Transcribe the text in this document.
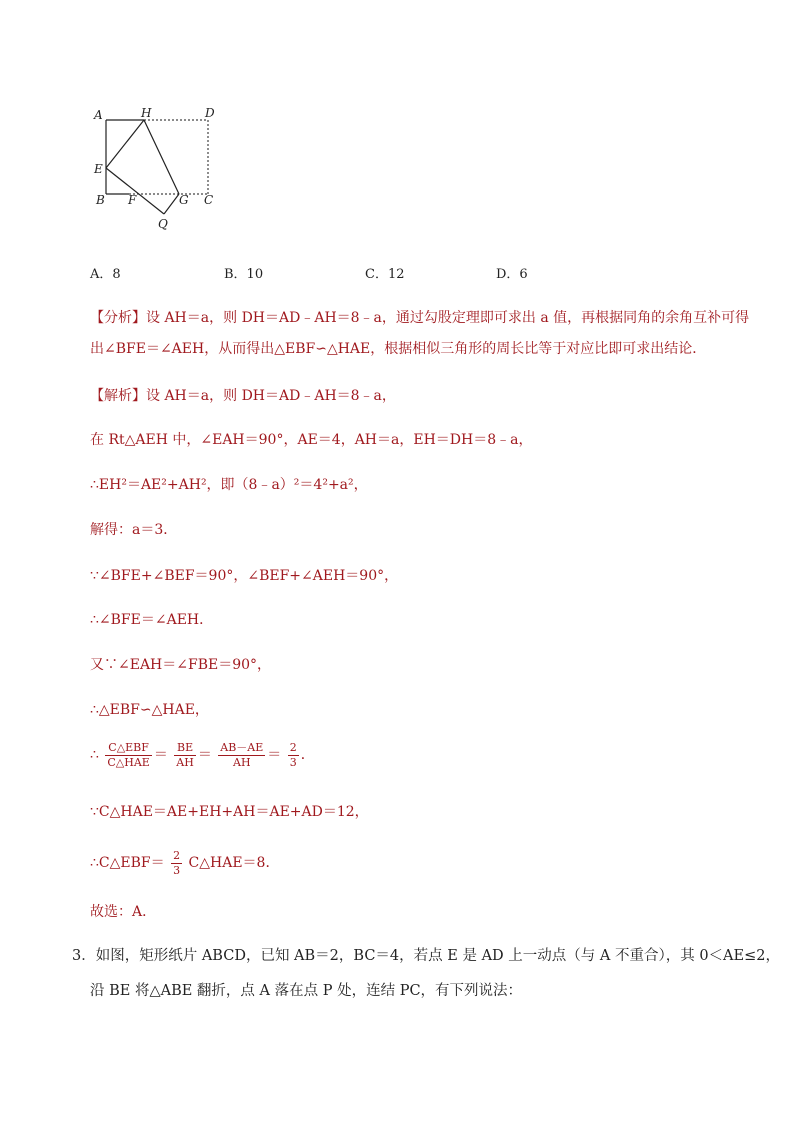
A	H	D
E
B F	G C
Q
A．8	B．10	C．12	D．6
【分析】设 AH＝a，则 DH＝AD﹣AH＝8﹣a，通过勾股定理即可求出 a 值，再根据同角的余角互补可得
出∠BFE＝∠AEH，从而得出△EBF∽△HAE，根据相似三角形的周长比等于对应比即可求出结论．
【解析】设 AH＝a，则 DH＝AD﹣AH＝8﹣a，
在 Rt△AEH 中，∠EAH＝90°，AE＝4，AH＝a，EH＝DH＝8﹣a，
∴EH²＝AE²+AH²，即（8﹣a）²＝4²+a²，
解得：a＝3．
∵∠BFE+∠BEF＝90°，∠BEF+∠AEH＝90°，
∴∠BFE＝∠AEH．
又∵∠EAH＝∠FBE＝90°，
∴△EBF∽△HAE，
∴ $\frac{\text{C△EBF}}{\text{C△HAE}} = \frac{BE}{AH} = \frac{AB-AE}{AH} = \frac{2}{3}$ ．
∵C△HAE＝AE+EH+AH＝AE+AD＝12，
∴C△EBF＝ $\frac{2}{3}$ C△HAE＝8．
故选：A．
3．如图，矩形纸片 ABCD，已知 AB＝2，BC＝4，若点 E 是 AD 上一动点（与 A 不重合），其 0＜AE≤2，
沿 BE 将△ABE 翻折，点 A 落在点 P 处，连结 PC，有下列说法：
